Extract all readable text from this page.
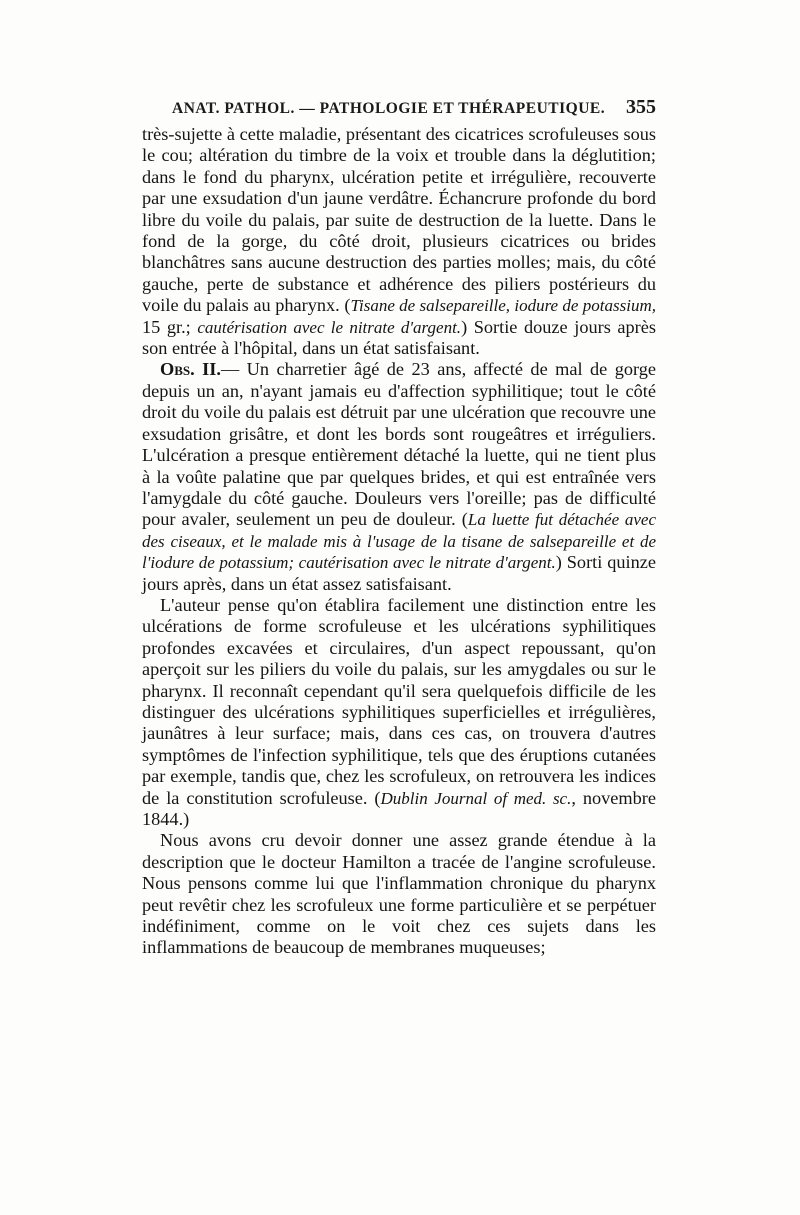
ANAT. PATHOL. — PATHOLOGIE ET THÉRAPEUTIQUE. 355

très-sujette à cette maladie, présentant des cicatrices scrofuleuses sous le cou; altération du timbre de la voix et trouble dans la déglutition; dans le fond du pharynx, ulcération petite et irrégulière, recouverte par une exsudation d'un jaune verdâtre. Échancrure profonde du bord libre du voile du palais, par suite de destruction de la luette. Dans le fond de la gorge, du côté droit, plusieurs cicatrices ou brides blanchâtres sans aucune destruction des parties molles; mais, du côté gauche, perte de substance et adhérence des piliers postérieurs du voile du palais au pharynx. (Tisane de salsepareille, iodure de potassium, 15 gr.; cautérisation avec le nitrate d'argent.) Sortie douze jours après son entrée à l'hôpital, dans un état satisfaisant.

Obs. II.— Un charretier âgé de 23 ans, affecté de mal de gorge depuis un an, n'ayant jamais eu d'affection syphilitique; tout le côté droit du voile du palais est détruit par une ulcération que recouvre une exsudation grisâtre, et dont les bords sont rougeâtres et irréguliers. L'ulcération a presque entièrement détaché la luette, qui ne tient plus à la voûte palatine que par quelques brides, et qui est entraînée vers l'amygdale du côté gauche. Douleurs vers l'oreille; pas de difficulté pour avaler, seulement un peu de douleur. (La luette fut détachée avec des ciseaux, et le malade mis à l'usage de la tisane de salsepareille et de l'iodure de potassium; cautérisation avec le nitrate d'argent.) Sorti quinze jours après, dans un état assez satisfaisant.

L'auteur pense qu'on établira facilement une distinction entre les ulcérations de forme scrofuleuse et les ulcérations syphilitiques profondes excavées et circulaires, d'un aspect repoussant, qu'on aperçoit sur les piliers du voile du palais, sur les amygdales ou sur le pharynx. Il reconnaît cependant qu'il sera quelquefois difficile de les distinguer des ulcérations syphilitiques superficielles et irrégulières, jaunâtres à leur surface; mais, dans ces cas, on trouvera d'autres symptômes de l'infection syphilitique, tels que des éruptions cutanées par exemple, tandis que, chez les scrofuleux, on retrouvera les indices de la constitution scrofuleuse. (Dublin Journal of med. sc., novembre 1844.)

Nous avons cru devoir donner une assez grande étendue à la description que le docteur Hamilton a tracée de l'angine scrofuleuse. Nous pensons comme lui que l'inflammation chronique du pharynx peut revêtir chez les scrofuleux une forme particulière et se perpétuer indéfiniment, comme on le voit chez ces sujets dans les inflammations de beaucoup de membranes muqueuses;
